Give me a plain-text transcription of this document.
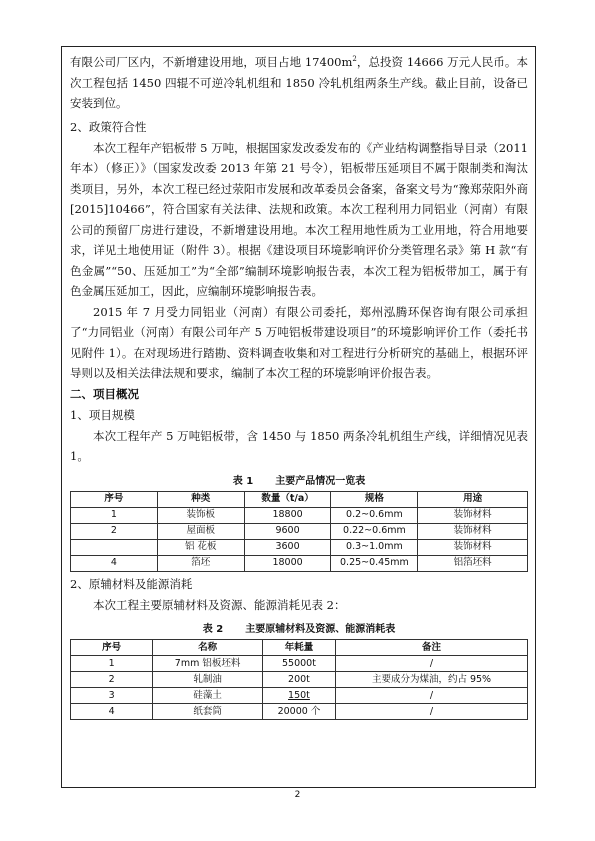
有限公司厂区内，不新增建设用地，项目占地 $17400m^2$，总投资 14666 万元人民币。本次工程包括 1450 四辊不可逆冷轧机组和 1850 冷轧机组两条生产线。截止目前，设备已安装到位。

2、政策符合性

本次工程年产铝板带 5 万吨，根据国家发改委发布的《产业结构调整指导目录（2011 年本）（修正）》（国家发改委 2013 年第 21 号令），铝板带压延项目不属于限制类和淘汰类项目，另外，本次工程已经过荥阳市发展和改革委员会备案，备案文号为“豫郑荥阳外商[2015]10466”，符合国家有关法律、法规和政策。本次工程利用力同铝业（河南）有限公司的预留厂房进行建设，不新增建设用地。本次工程用地性质为工业用地，符合用地要求，详见土地使用证（附件 3）。根据《建设项目环境影响评价分类管理名录》第 H 款“有色金属”“50、压延加工”为“全部”编制环境影响报告表，本次工程为铝板带加工，属于有色金属压延加工，因此，应编制环境影响报告表。

2015 年 7 月受力同铝业（河南）有限公司委托，郑州泓腾环保咨询有限公司承担了“力同铝业（河南）有限公司年产 5 万吨铝板带建设项目”的环境影响评价工作（委托书见附件 1）。在对现场进行踏勘、资料调查收集和对工程进行分析研究的基础上，根据环评导则以及相关法律法规和要求，编制了本次工程的环境影响评价报告表。

二、项目概况

1、项目规模

本次工程年产 5 万吨铝板带，含 1450 与 1850 两条冷轧机组生产线，详细情况见表 1。

表 1 主要产品情况一览表

序号	种类	数量（t/a）	规格	用途
1	装饰板	18800	0.2~0.6mm	装饰材料
2	屋面板	9600	0.22~0.6mm	装饰材料
	铝 花板	3600	0.3~1.0mm	装饰材料
4	箔坯	18000	0.25~0.45mm	铝箔坯料

2、原辅材料及能源消耗

本次工程主要原辅材料及资源、能源消耗见表 2：

表 2 主要原辅材料及资源、能源消耗表

序号	名称	年耗量	备注
1	7mm 铝板坯料	55000t	/
2	轧制油	200t	主要成分为煤油，约占 95%
3	硅藻土	150t	/
4	纸套筒	20000 个	/
2
